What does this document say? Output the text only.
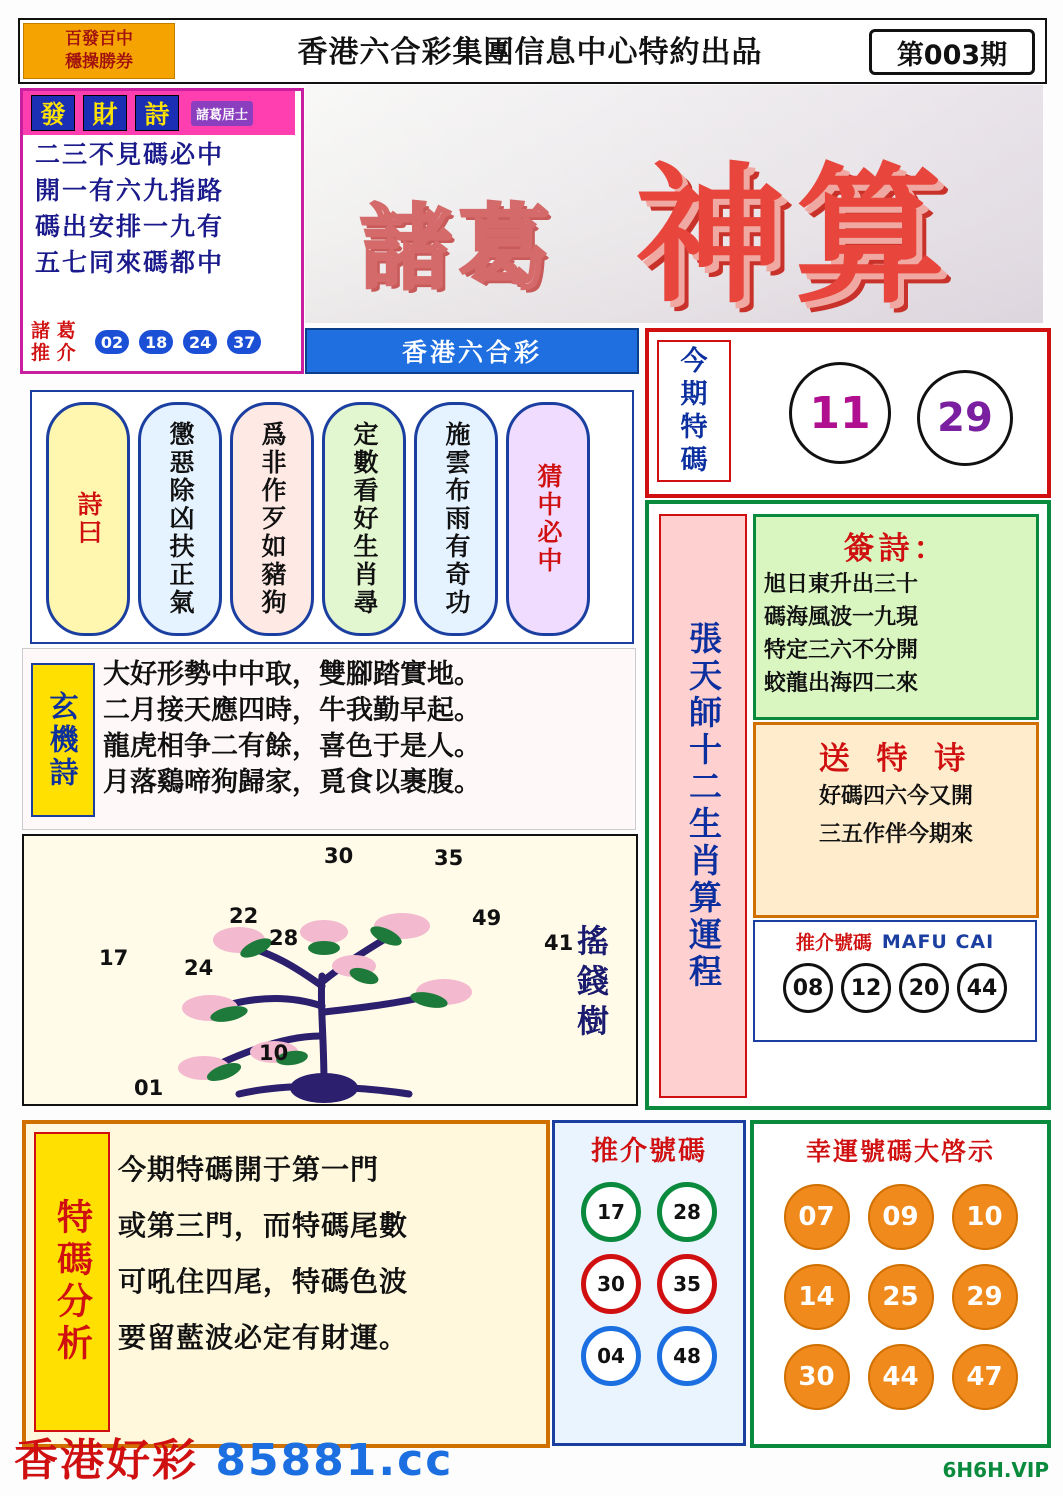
百發百中
穩操勝券	香港六合彩集團信息中心特約出品	第003期
發	財	詩	諸葛居士
二三不見碼必中
開一有六九指路
碼出安排一九有
五七同來碼都中
諸 葛
推 介	02 18 24 37
諸葛 神算
香港六合彩	今
期
特
碼
11	29
詩曰	懲惡除凶扶正氣	爲非作歹如豬狗	定數看好生肖尋	施雲布雨有奇功	猜中必中
玄機詩
大好形勢中中取，雙腳踏實地。
二月接天應四時，牛我勤早起。
龍虎相争二有餘，喜色于是人。
月落鷄啼狗歸家，覓食以裹腹。
搖錢樹
30	35
22
28
49
41
17	24
10
01
張天師十二生肖算運程
簽詩：
旭日東升出三十
碼海風波一九現
特定三六不分開
蛟龍出海四二來
送 特 诗
好碼四六今又開
三五作伴今期來
推介號碼 MAFU CAI
08	12	20	44
特碼分析
今期特碼開于第一門
或第三門，而特碼尾數
可吼住四尾，特碼色波
要留藍波必定有財運。
推介號碼
17	28
30	35
04	48
幸運號碼大啓示
07	09	10
14	25	29
30	44	47
香港好彩 85881.cc	6H6H.VIP
